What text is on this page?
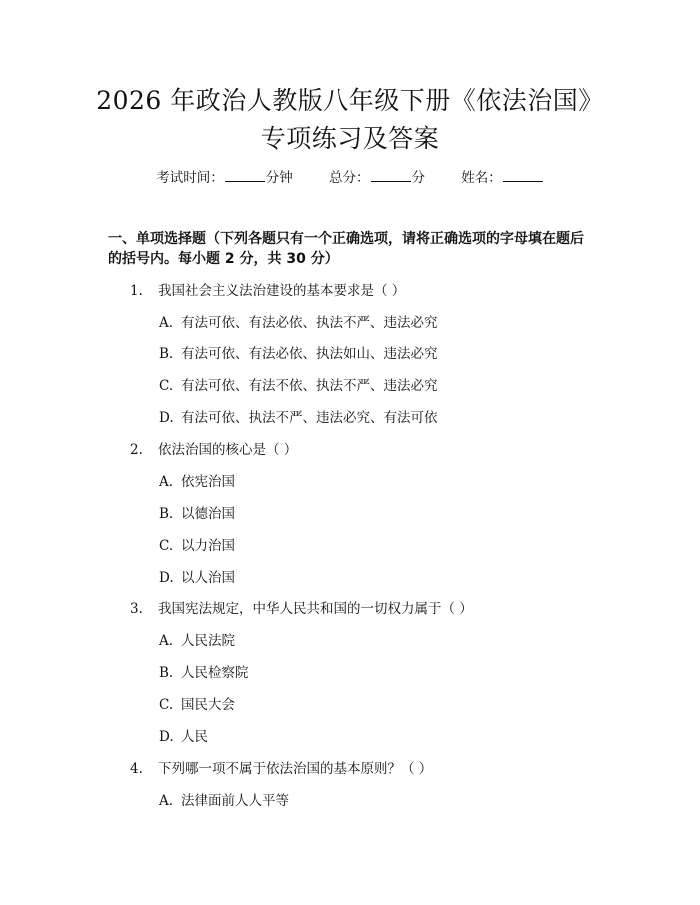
2026 年政治人教版八年级下册《依法治国》
专项练习及答案
考试时间：	分钟	总分：	分	姓名：
一、单项选择题（下列各题只有一个正确选项，请将正确选项的字母填在题后的括号内。每小题 2 分，共 30 分）
1. 我国社会主义法治建设的基本要求是（ ）
A. 有法可依、有法必依、执法不严、违法必究
B. 有法可依、有法必依、执法如山、违法必究
C. 有法可依、有法不依、执法不严、违法必究
D. 有法可依、执法不严、违法必究、有法可依
2. 依法治国的核心是（ ）
A. 依宪治国
B. 以德治国
C. 以力治国
D. 以人治国
3. 我国宪法规定，中华人民共和国的一切权力属于（ ）
A. 人民法院
B. 人民检察院
C. 国民大会
D. 人民
4. 下列哪一项不属于依法治国的基本原则？（ ）
A. 法律面前人人平等
